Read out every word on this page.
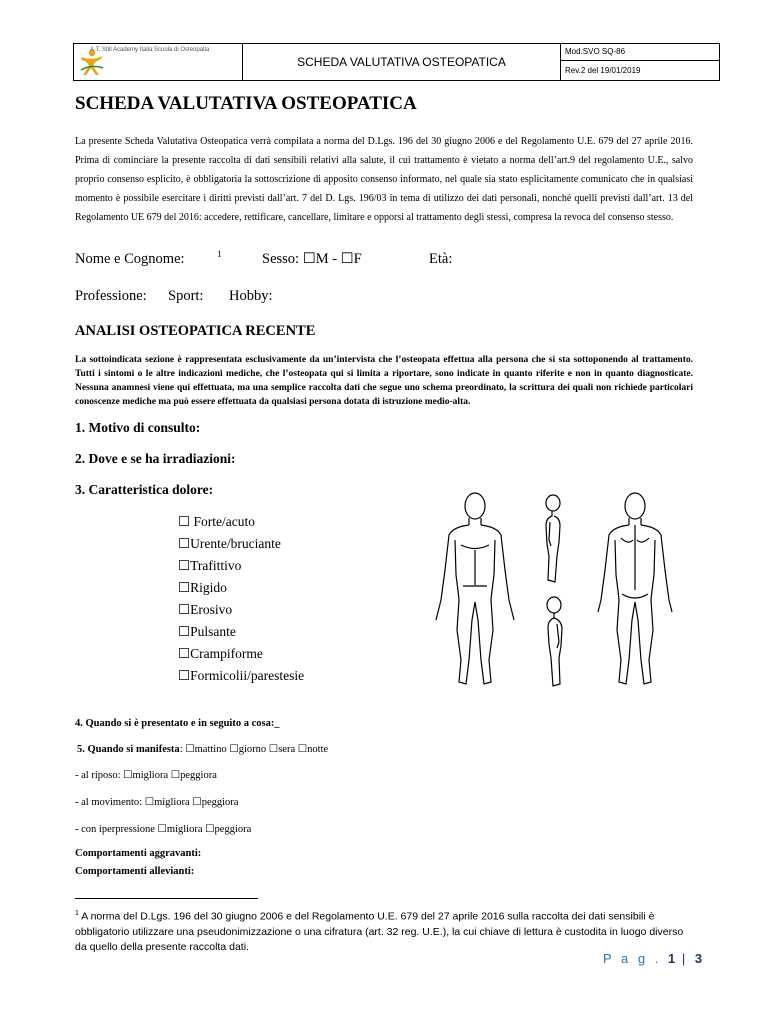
A.T. Still Academy Italia Scuola di Osteopatia
SCHEDA VALUTATIVA OSTEOPATICA
Mod.SVO SQ-86
Rev.2 del 19/01/2019
SCHEDA VALUTATIVA OSTEOPATICA
La presente Scheda Valutativa Osteopatica verrà compilata a norma del D.Lgs. 196 del 30 giugno 2006 e del Regolamento U.E. 679 del 27 aprile 2016. Prima di cominciare la presente raccolta di dati sensibili relativi alla salute, il cui trattamento è vietato a norma dell’art.9 del regolamento U.E., salvo proprio consenso esplicito, è obbligatoria la sottoscrizione di apposito consenso informato, nel quale sia stato esplicitamente comunicato che in qualsiasi momento è possibile esercitare i diritti previsti dall’art. 7 del D. Lgs. 196/03 in tema di utilizzo dei dati personali, nonché quelli previsti dall’art. 13 del Regolamento UE 679 del 2016: accedere, rettificare, cancellare, limitare e opporsi al trattamento degli stessi, compresa la revoca del consenso stesso.
Nome e Cognome:	1	Sesso: ☐M - ☐F	Età:
Professione: Sport: Hobby:
ANALISI OSTEOPATICA RECENTE
La sottoindicata sezione è rappresentata esclusivamente da un’intervista che l’osteopata effettua alla persona che si sta sottoponendo al trattamento. Tutti i sintomi o le altre indicazioni mediche, che l’osteopata qui si limita a riportare, sono indicate in quanto riferite e non in quanto diagnosticate. Nessuna anamnesi viene qui effettuata, ma una semplice raccolta dati che segue uno schema preordinato, la scrittura dei quali non richiede particolari conoscenze mediche ma può essere effettuata da qualsiasi persona dotata di istruzione medio-alta.
1. Motivo di consulto:
2. Dove e se ha irradiazioni:
3. Caratteristica dolore:
☐ Forte/acuto
☐Urente/bruciante
☐Trafittivo
☐Rigido
☐Erosivo
☐Pulsante
☐Crampiforme
☐Formicolii/parestesie
4. Quando si è presentato e in seguito a cosa:_
5. Quando si manifesta: ☐mattino ☐giorno ☐sera ☐notte
- al riposo: ☐migliora ☐peggiora
- al movimento: ☐migliora ☐peggiora
- con iperpressione ☐migliora ☐peggiora
Comportamenti aggravanti:
Comportamenti allevianti:
$^1$ A norma del D.Lgs. 196 del 30 giugno 2006 e del Regolamento U.E. 679 del 27 aprile 2016 sulla raccolta dei dati sensibili è obbligatorio utilizzare una pseudonimizzazione o una cifratura (art. 32 reg. U.E.), la cui chiave di lettura è custodita in luogo diverso da quello della presente raccolta dati.
P a g . 1 | 3
